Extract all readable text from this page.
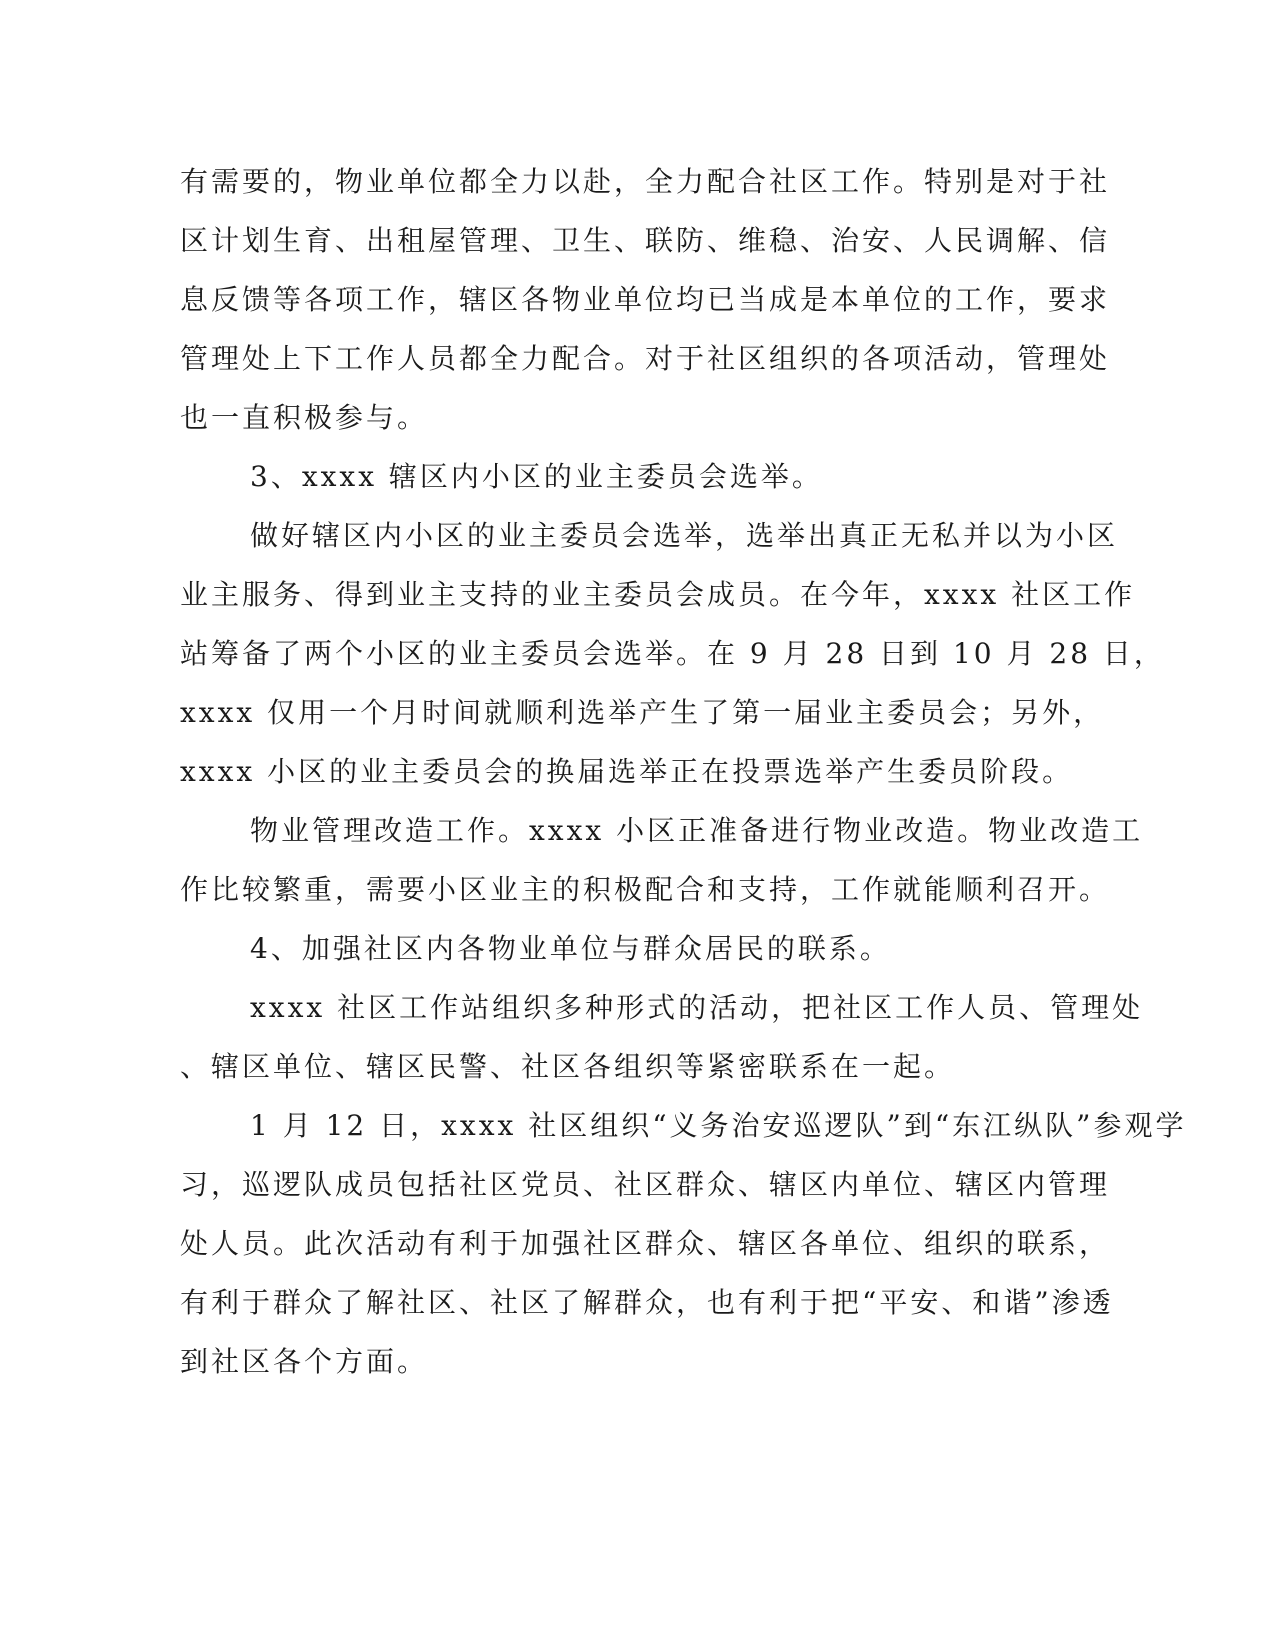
有需要的，物业单位都全力以赴，全力配合社区工作。特别是对于社
区计划生育、出租屋管理、卫生、联防、维稳、治安、人民调解、信
息反馈等各项工作，辖区各物业单位均已当成是本单位的工作，要求
管理处上下工作人员都全力配合。对于社区组织的各项活动，管理处
也一直积极参与。
3、xxxx 辖区内小区的业主委员会选举。
做好辖区内小区的业主委员会选举，选举出真正无私并以为小区
业主服务、得到业主支持的业主委员会成员。在今年，xxxx 社区工作
站筹备了两个小区的业主委员会选举。在 9 月 28 日到 10 月 28 日，
xxxx 仅用一个月时间就顺利选举产生了第一届业主委员会；另外，
xxxx 小区的业主委员会的换届选举正在投票选举产生委员阶段。
物业管理改造工作。xxxx 小区正准备进行物业改造。物业改造工
作比较繁重，需要小区业主的积极配合和支持，工作就能顺利召开。
4、加强社区内各物业单位与群众居民的联系。
xxxx 社区工作站组织多种形式的活动，把社区工作人员、管理处
、辖区单位、辖区民警、社区各组织等紧密联系在一起。
1 月 12 日，xxxx 社区组织“义务治安巡逻队”到“东江纵队”参观学
习，巡逻队成员包括社区党员、社区群众、辖区内单位、辖区内管理
处人员。此次活动有利于加强社区群众、辖区各单位、组织的联系，
有利于群众了解社区、社区了解群众，也有利于把“平安、和谐”渗透
到社区各个方面。
